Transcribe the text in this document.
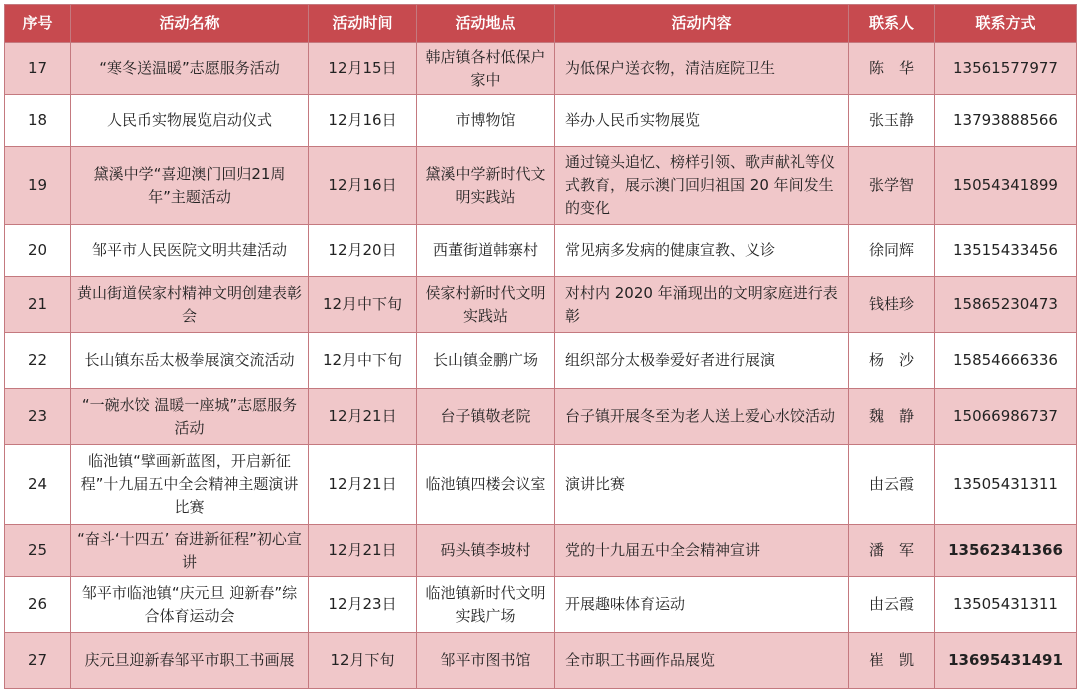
序号	活动名称	活动时间	活动地点	活动内容	联系人	联系方式
17	“寒冬送温暖”志愿服务活动	12月15日	韩店镇各村低保户家中	为低保户送衣物，清洁庭院卫生	陈　华	13561577977
18	人民币实物展览启动仪式	12月16日	市博物馆	举办人民币实物展览	张玉静	13793888566
19	黛溪中学“喜迎澳门回归21周年”主题活动	12月16日	黛溪中学新时代文明实践站	通过镜头追忆、榜样引领、歌声献礼等仪式教育，展示澳门回归祖国 20 年间发生的变化	张学智	15054341899
20	邹平市人民医院文明共建活动	12月20日	西董街道韩寨村	常见病多发病的健康宣教、义诊	徐同辉	13515433456
21	黄山街道侯家村精神文明创建表彰会	12月中下旬	侯家村新时代文明实践站	对村内 2020 年涌现出的文明家庭进行表彰	钱桂珍	15865230473
22	长山镇东岳太极拳展演交流活动	12月中下旬	长山镇金鹏广场	组织部分太极拳爱好者进行展演	杨　沙	15854666336
23	“一碗水饺 温暖一座城”志愿服务活动	12月21日	台子镇敬老院	台子镇开展冬至为老人送上爱心水饺活动	魏　静	15066986737
24	临池镇“擘画新蓝图，开启新征程”十九届五中全会精神主题演讲比赛	12月21日	临池镇四楼会议室	演讲比赛	由云霞	13505431311
25	“奋斗‘十四五’ 奋进新征程”初心宣讲	12月21日	码头镇李坡村	党的十九届五中全会精神宣讲	潘　军	13562341366
26	邹平市临池镇“庆元旦 迎新春”综合体育运动会	12月23日	临池镇新时代文明实践广场	开展趣味体育运动	由云霞	13505431311
27	庆元旦迎新春邹平市职工书画展	12月下旬	邹平市图书馆	全市职工书画作品展览	崔　凯	13695431491
